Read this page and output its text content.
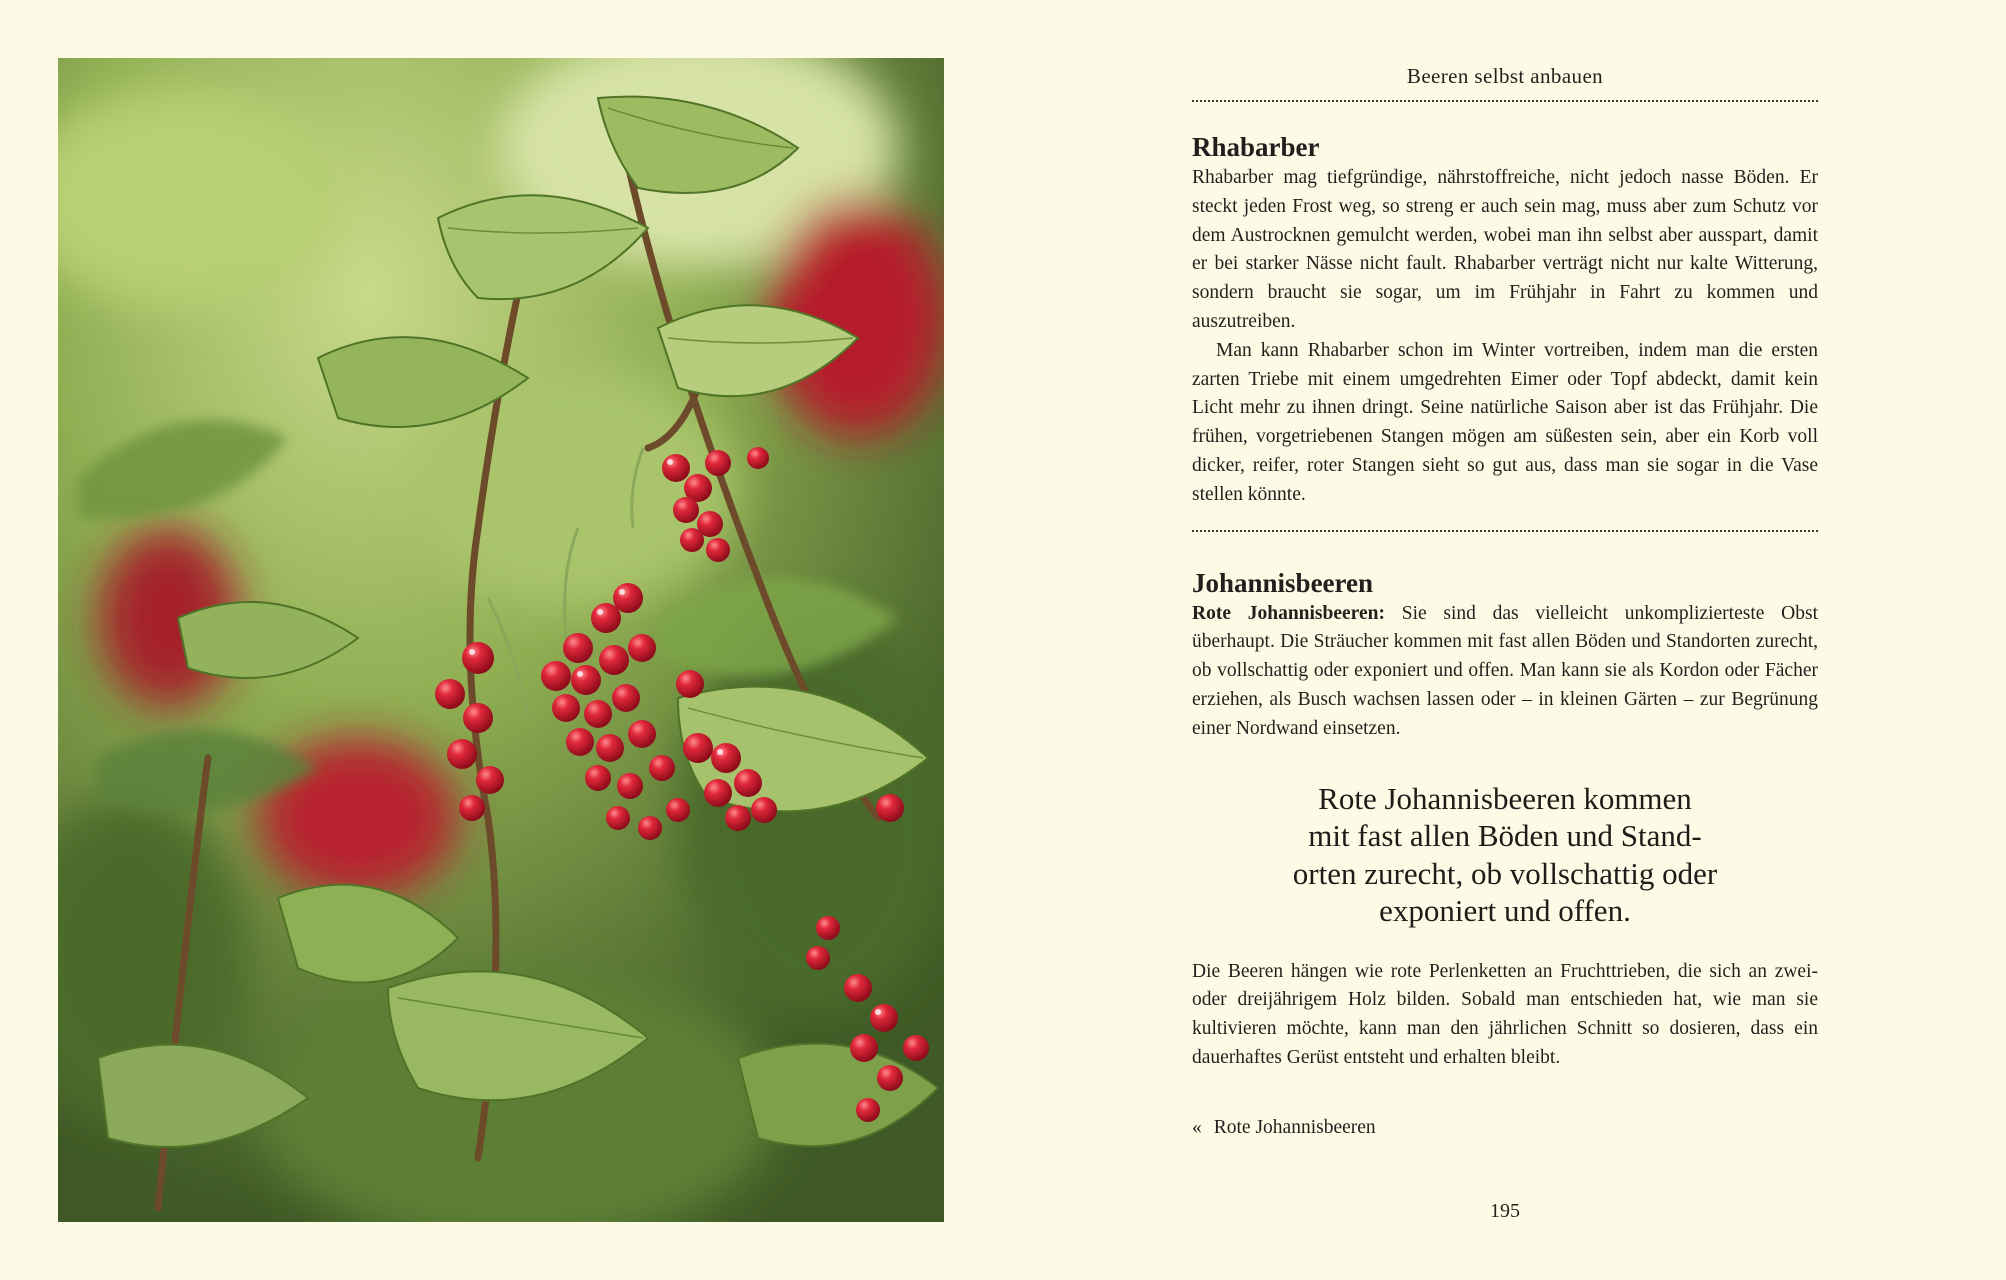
Beeren selbst anbauen
Rhabarber

Rhabarber mag tiefgründige, nährstoffreiche, nicht jedoch nasse Böden. Er steckt jeden Frost weg, so streng er auch sein mag, muss aber zum Schutz vor dem Austrocknen gemulcht werden, wobei man ihn selbst aber ausspart, damit er bei starker Nässe nicht fault. Rhabarber verträgt nicht nur kalte Witterung, sondern braucht sie sogar, um im Frühjahr in Fahrt zu kommen und auszutreiben.

Man kann Rhabarber schon im Winter vortreiben, indem man die ersten zarten Triebe mit einem umgedrehten Eimer oder Topf abdeckt, damit kein Licht mehr zu ihnen dringt. Seine natürliche Saison aber ist das Frühjahr. Die frühen, vorgetriebenen Stangen mögen am süßesten sein, aber ein Korb voll dicker, reifer, roter Stangen sieht so gut aus, dass man sie sogar in die Vase stellen könnte.

Johannisbeeren

Rote Johannisbeeren: Sie sind das vielleicht unkomplizierteste Obst überhaupt. Die Sträucher kommen mit fast allen Böden und Standorten zurecht, ob vollschattig oder exponiert und offen. Man kann sie als Kordon oder Fächer erziehen, als Busch wachsen lassen oder – in kleinen Gärten – zur Begrünung einer Nordwand einsetzen.

Rote Johannisbeeren kommen
mit fast allen Böden und Stand-
orten zurecht, ob vollschattig oder
exponiert und offen.

Die Beeren hängen wie rote Perlenketten an Fruchttrieben, die sich an zwei- oder dreijährigem Holz bilden. Sobald man entschieden hat, wie man sie kultivieren möchte, kann man den jährlichen Schnitt so dosieren, dass ein dauerhaftes Gerüst entsteht und erhalten bleibt.

« Rote Johannisbeeren
195
